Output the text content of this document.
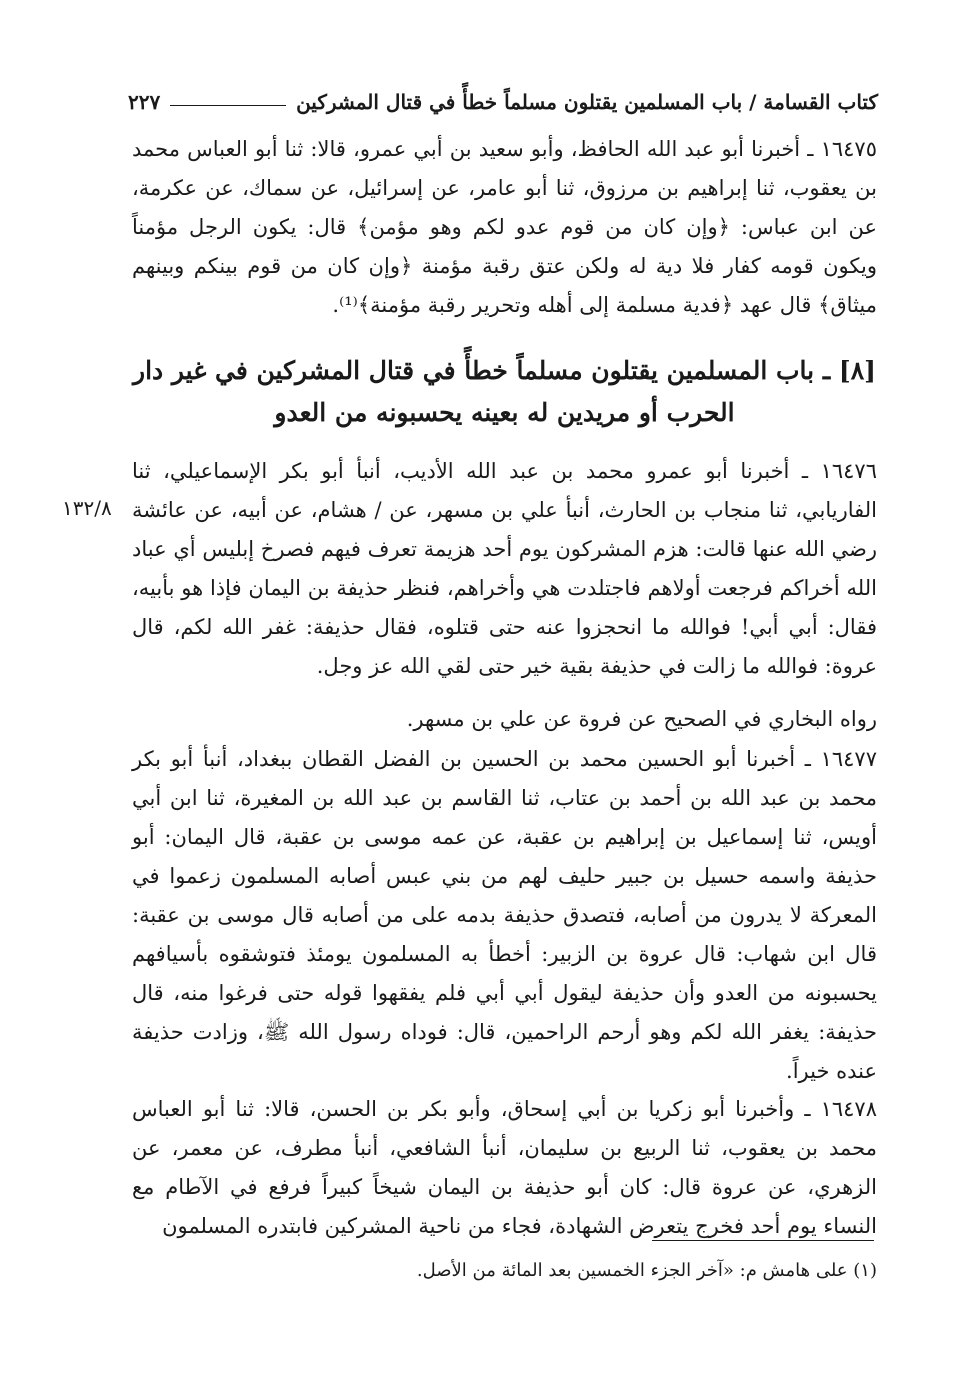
كتاب القسامة / باب المسلمين يقتلون مسلماً خطأً في قتال المشركين
٢٢٧
١٦٤٧٥ ـ أخبرنا أبو عبد الله الحافظ، وأبو سعيد بن أبي عمرو، قالا: ثنا أبو العباس محمد بن يعقوب، ثنا إبراهيم بن مرزوق، ثنا أبو عامر، عن إسرائيل، عن سماك، عن عكرمة، عن ابن عباس: ﴿وإن كان من قوم عدو لكم وهو مؤمن﴾ قال: يكون الرجل مؤمناً ويكون قومه كفار فلا دية له ولكن عتق رقبة مؤمنة ﴿وإن كان من قوم بينكم وبينهم ميثاق﴾ قال عهد ﴿فدية مسلمة إلى أهله وتحرير رقبة مؤمنة﴾⁽¹⁾.
[٨] ـ باب المسلمين يقتلون مسلماً خطأً في قتال المشركين في غير دار الحرب أو مريدين له بعينه يحسبونه من العدو
١٦٤٧٦ ـ أخبرنا أبو عمرو محمد بن عبد الله الأديب، أنبأ أبو بكر الإسماعيلي، ثنا الفاريابي، ثنا منجاب بن الحارث، أنبأ علي بن مسهر، عن / هشام، عن أبيه، عن عائشة رضي الله عنها قالت: هزم المشركون يوم أحد هزيمة تعرف فيهم فصرخ إبليس أي عباد الله أخراكم فرجعت أولاهم فاجتلدت هي وأخراهم، فنظر حذيفة بن اليمان فإذا هو بأبيه، فقال: أبي أبي! فوالله ما انحجزوا عنه حتى قتلوه، فقال حذيفة: غفر الله لكم، قال عروة: فوالله ما زالت في حذيفة بقية خير حتى لقي الله عز وجل.
١٣٢/٨
رواه البخاري في الصحيح عن فروة عن علي بن مسهر.
١٦٤٧٧ ـ أخبرنا أبو الحسين محمد بن الحسين بن الفضل القطان ببغداد، أنبأ أبو بكر محمد بن عبد الله بن أحمد بن عتاب، ثنا القاسم بن عبد الله بن المغيرة، ثنا ابن أبي أويس، ثنا إسماعيل بن إبراهيم بن عقبة، عن عمه موسى بن عقبة، قال اليمان: أبو حذيفة واسمه حسيل بن جبير حليف لهم من بني عبس أصابه المسلمون زعموا في المعركة لا يدرون من أصابه، فتصدق حذيفة بدمه على من أصابه قال موسى بن عقبة: قال ابن شهاب: قال عروة بن الزبير: أخطأ به المسلمون يومئذ فتوشقوه بأسيافهم يحسبونه من العدو وأن حذيفة ليقول أبي أبي فلم يفقهوا قوله حتى فرغوا منه، قال حذيفة: يغفر الله لكم وهو أرحم الراحمين، قال: فوداه رسول الله ﷺ، وزادت حذيفة عنده خيراً.
١٦٤٧٨ ـ وأخبرنا أبو زكريا بن أبي إسحاق، وأبو بكر بن الحسن، قالا: ثنا أبو العباس محمد بن يعقوب، ثنا الربيع بن سليمان، أنبأ الشافعي، أنبأ مطرف، عن معمر، عن الزهري، عن عروة قال: كان أبو حذيفة بن اليمان شيخاً كبيراً فرفع في الآطام مع النساء يوم أحد فخرج يتعرض الشهادة، فجاء من ناحية المشركين فابتدره المسلمون
(١) على هامش م: «آخر الجزء الخمسين بعد المائة من الأصل.
